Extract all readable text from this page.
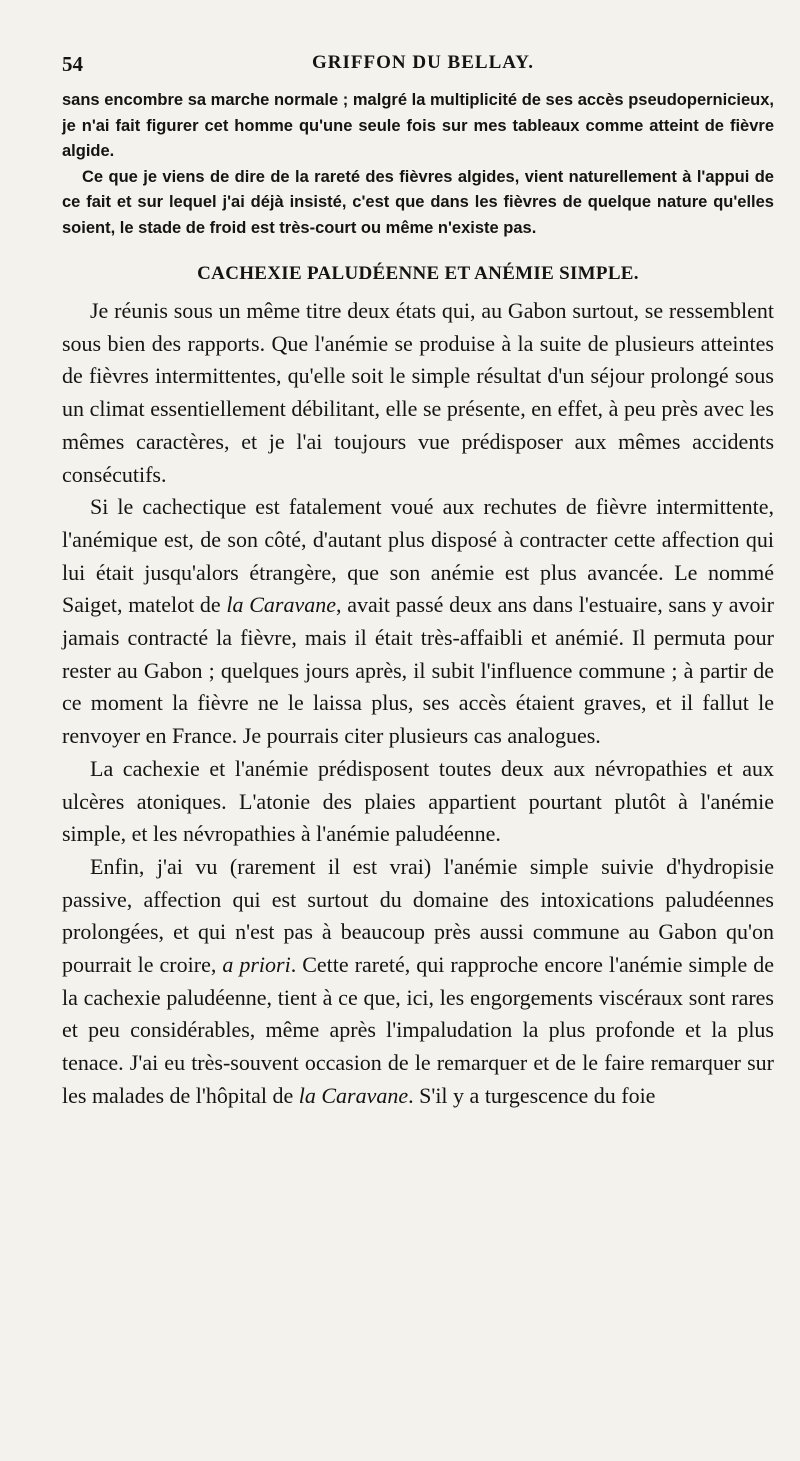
54	GRIFFON DU BELLAY.

sans encombre sa marche normale ; malgré la multiplicité de ses accès pseudopernicieux, je n'ai fait figurer cet homme qu'une seule fois sur mes tableaux comme atteint de fièvre algide.

Ce que je viens de dire de la rareté des fièvres algides, vient naturellement à l'appui de ce fait et sur lequel j'ai déjà insisté, c'est que dans les fièvres de quelque nature qu'elles soient, le stade de froid est très-court ou même n'existe pas.

CACHEXIE PALUDÉENNE ET ANÉMIE SIMPLE.

Je réunis sous un même titre deux états qui, au Gabon surtout, se ressemblent sous bien des rapports. Que l'anémie se produise à la suite de plusieurs atteintes de fièvres intermittentes, qu'elle soit le simple résultat d'un séjour prolongé sous un climat essentiellement débilitant, elle se présente, en effet, à peu près avec les mêmes caractères, et je l'ai toujours vue prédisposer aux mêmes accidents consécutifs.

Si le cachectique est fatalement voué aux rechutes de fièvre intermittente, l'anémique est, de son côté, d'autant plus disposé à contracter cette affection qui lui était jusqu'alors étrangère, que son anémie est plus avancée. Le nommé Saiget, matelot de la Caravane, avait passé deux ans dans l'estuaire, sans y avoir jamais contracté la fièvre, mais il était très-affaibli et anémié. Il permuta pour rester au Gabon ; quelques jours après, il subit l'influence commune ; à partir de ce moment la fièvre ne le laissa plus, ses accès étaient graves, et il fallut le renvoyer en France. Je pourrais citer plusieurs cas analogues.

La cachexie et l'anémie prédisposent toutes deux aux névropathies et aux ulcères atoniques. L'atonie des plaies appartient pourtant plutôt à l'anémie simple, et les névropathies à l'anémie paludéenne.

Enfin, j'ai vu (rarement il est vrai) l'anémie simple suivie d'hydropisie passive, affection qui est surtout du domaine des intoxications paludéennes prolongées, et qui n'est pas à beaucoup près aussi commune au Gabon qu'on pourrait le croire, a priori. Cette rareté, qui rapproche encore l'anémie simple de la cachexie paludéenne, tient à ce que, ici, les engorgements viscéraux sont rares et peu considérables, même après l'impaludation la plus profonde et la plus tenace. J'ai eu très-souvent occasion de le remarquer et de le faire remarquer sur les malades de l'hôpital de la Caravane. S'il y a turgescence du foie
